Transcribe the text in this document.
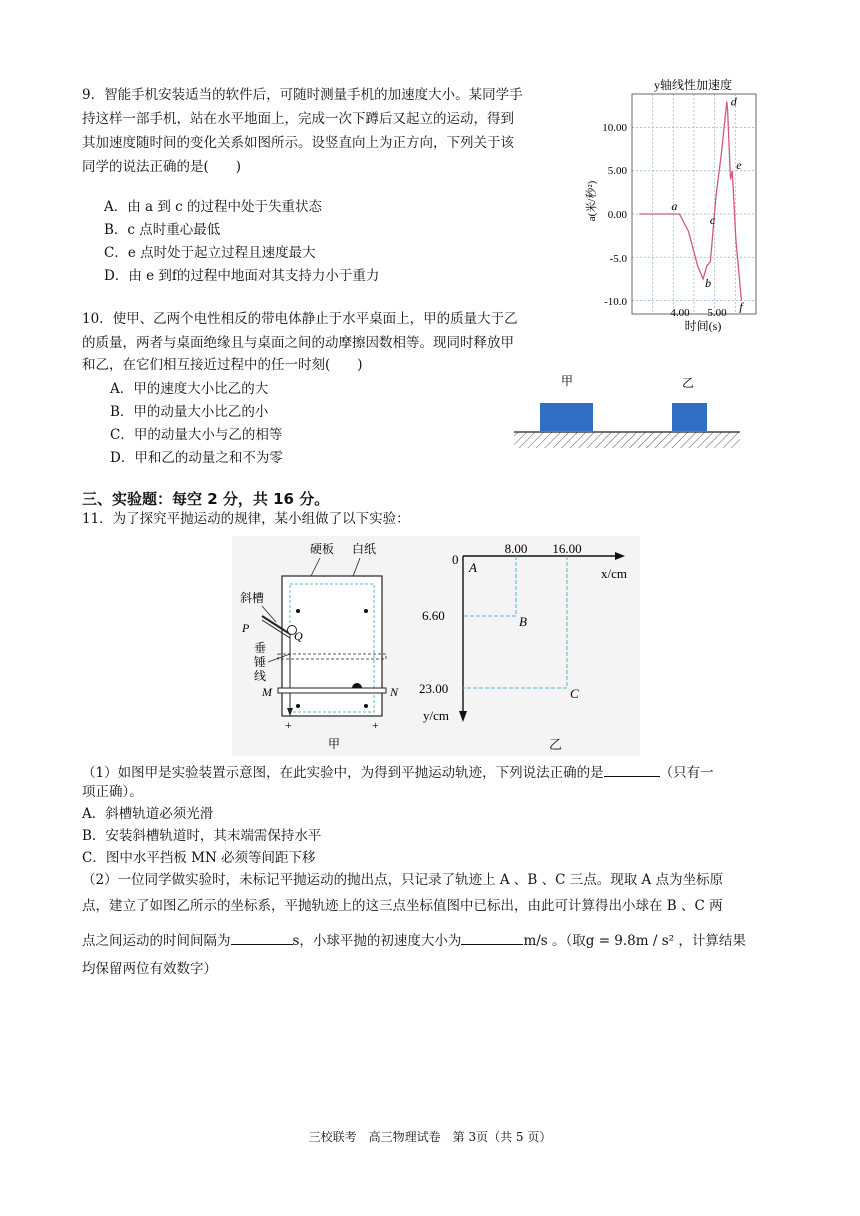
9．智能手机安装适当的软件后，可随时测量手机的加速度大小。某同学手
持这样一部手机，站在水平地面上，完成一次下蹲后又起立的运动，得到
其加速度随时间的变化关系如图所示。设竖直向上为正方向，下列关于该
同学的说法正确的是(　　)
A．由 a 到 c 的过程中处于失重状态
B．c 点时重心最低
C．e 点时处于起立过程且速度最大
D．由 e 到f的过程中地面对其支持力小于重力
y轴线性加速度
10.00
5.00
0.00
-5.0
-10.0
4.00 5.00
时间(s)
a(米/秒²)	a
b
c
d
e
f
10．使甲、乙两个电性相反的带电体静止于水平桌面上，甲的质量大于乙
的质量，两者与桌面绝缘且与桌面之间的动摩擦因数相等。现同时释放甲
和乙，在它们相互接近过程中的任一时刻(　　)
A．甲的速度大小比乙的大
B．甲的动量大小比乙的小
C．甲的动量大小与乙的相等
D．甲和乙的动量之和不为零
甲	乙
三、实验题：每空 2 分，共 16 分。
11．为了探究平抛运动的规律，某小组做了以下实验：
硬板 白纸
斜槽
P
Q
垂
锤
线
M	N
+	+
甲
0
8.00 16.00
x/cm
6.60
23.00
y/cm
A
B
C
乙
（1）如图甲是实验装置示意图，在此实验中，为得到平抛运动轨迹，下列说法正确的是	（只有一
项正确）。
A．斜槽轨道必须光滑
B．安装斜槽轨道时，其末端需保持水平
C．图中水平挡板 MN 必须等间距下移
（2）一位同学做实验时，未标记平抛运动的抛出点，只记录了轨迹上 A 、B 、C 三点。现取 A 点为坐标原
点，建立了如图乙所示的坐标系，平抛轨迹上的这三点坐标值图中已标出，由此可计算得出小球在 B 、C 两
点之间运动的时间间隔为	s，小球平抛的初速度大小为	m/s 。（取g = 9.8m / s² ，计算结果
均保留两位有效数字）
三校联考　高三物理试卷　第 3页（共 5 页）
